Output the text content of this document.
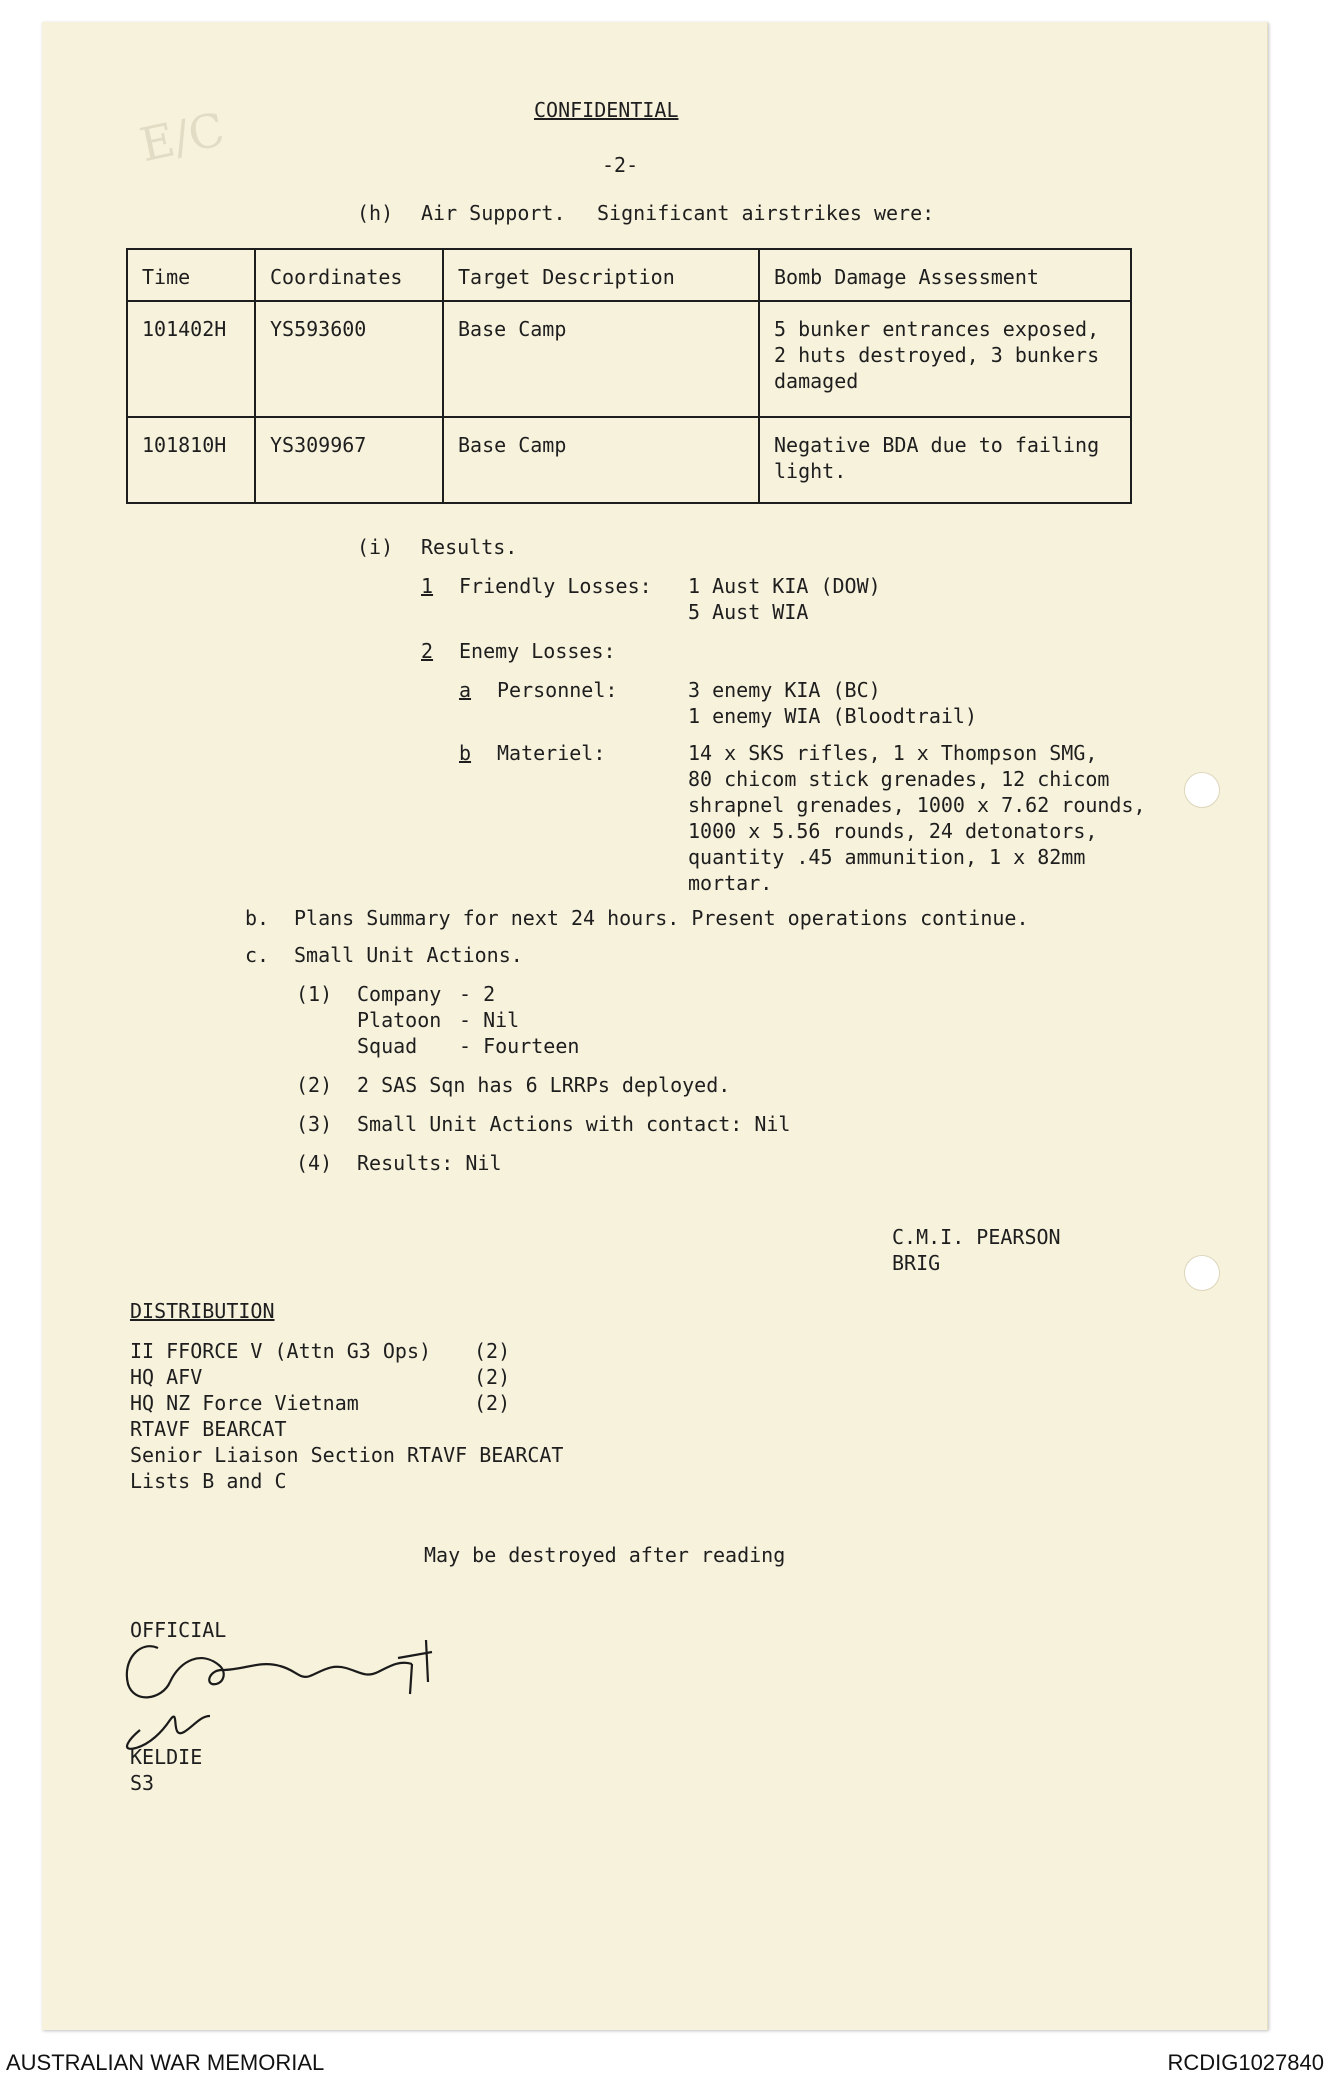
E/C	CONFIDENTIAL
-2-
(h) Air Support. Significant airstrikes were:
Time	Coordinates	Target Description	Bomb Damage Assessment
101402H	YS593600	Base Camp	5 bunker entrances exposed,
2 huts destroyed, 3 bunkers
damaged

101810H	YS309967	Base Camp	Negative BDA due to failing
light.
(i) Results.
1 Friendly Losses: 1 Aust KIA (DOW)
5 Aust WIA
2 Enemy Losses:
a Personnel:	3 enemy KIA (BC)
1 enemy WIA (Bloodtrail)
b Materiel:	14 x SKS rifles, 1 x Thompson SMG,
80 chicom stick grenades, 12 chicom
shrapnel grenades, 1000 x 7.62 rounds,
1000 x 5.56 rounds, 24 detonators,
quantity .45 ammunition, 1 x 82mm
mortar.
b. Plans Summary for next 24 hours. Present operations continue.
c. Small Unit Actions.
(1) Company - 2
Platoon - Nil
Squad - Fourteen
(2) 2 SAS Sqn has 6 LRRPs deployed.
(3) Small Unit Actions with contact: Nil
(4) Results: Nil
C.M.I. PEARSON
BRIG
DISTRIBUTION
II FFORCE V (Attn G3 Ops) (2)
HQ AFV	(2)
HQ NZ Force Vietnam	(2)
RTAVF BEARCAT
Senior Liaison Section RTAVF BEARCAT
Lists B and C
May be destroyed after reading
OFFICIAL
KELDIE
S3
AUSTRALIAN WAR MEMORIAL	RCDIG1027840
